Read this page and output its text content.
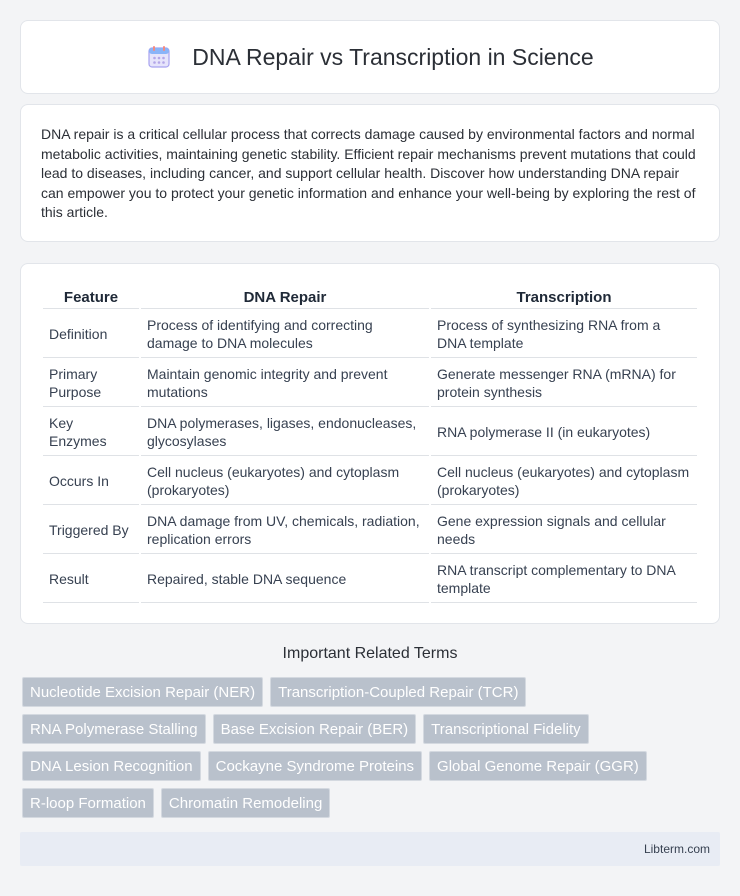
DNA Repair vs Transcription in Science

DNA repair is a critical cellular process that corrects damage caused by environmental factors and normal metabolic activities, maintaining genetic stability. Efficient repair mechanisms prevent mutations that could lead to diseases, including cancer, and support cellular health. Discover how understanding DNA repair can empower you to protect your genetic information and enhance your well-being by exploring the rest of this article.

Feature	DNA Repair	Transcription
Definition	Process of identifying and correcting damage to DNA molecules	Process of synthesizing RNA from a DNA template
Primary Purpose	Maintain genomic integrity and prevent mutations	Generate messenger RNA (mRNA) for protein synthesis
Key Enzymes	DNA polymerases, ligases, endonucleases, glycosylases	RNA polymerase II (in eukaryotes)
Occurs In	Cell nucleus (eukaryotes) and cytoplasm (prokaryotes)	Cell nucleus (eukaryotes) and cytoplasm (prokaryotes)
Triggered By	DNA damage from UV, chemicals, radiation, replication errors	Gene expression signals and cellular needs
Result	Repaired, stable DNA sequence	RNA transcript complementary to DNA template
Important Related Terms
Nucleotide Excision Repair (NER)	Transcription-Coupled Repair (TCR)
RNA Polymerase Stalling	Base Excision Repair (BER)	Transcriptional Fidelity
DNA Lesion Recognition	Cockayne Syndrome Proteins	Global Genome Repair (GGR)
R-loop Formation	Chromatin Remodeling
Libterm.com
